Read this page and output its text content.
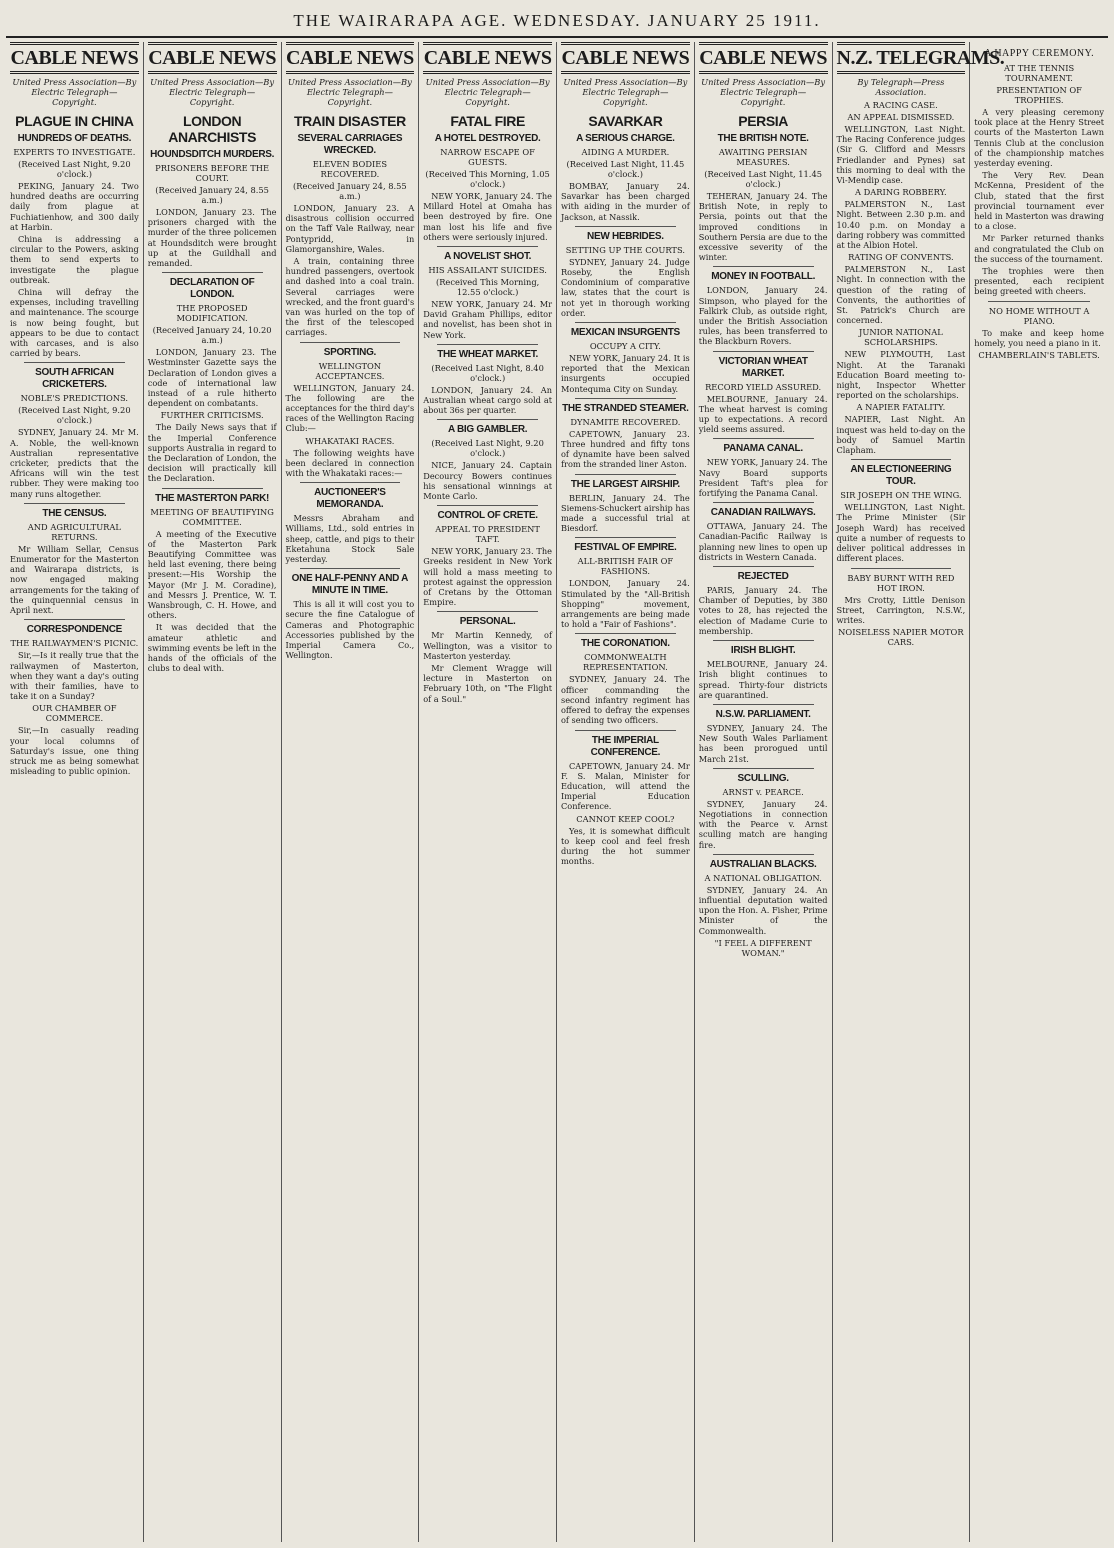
THE WAIRARAPA AGE. WEDNESDAY. JANUARY 25 1911.
CABLE NEWS
United Press Association—By Electric Telegraph—Copyright.
PLAGUE IN CHINA
HUNDREDS OF DEATHS.
EXPERTS TO INVESTIGATE.
(Received Last Night, 9.20 o'clock.)

PEKING, January 24. Two hundred deaths are occurring daily from plague at Fuchiatienhow, and 300 daily at Harbin.

China is addressing a circular to the Powers, asking them to send experts to investigate the plague outbreak.

China will defray the expenses, including travelling and maintenance. The scourge is now being fought, but appears to be due to contact with carcases, and is also carried by bears.

SOUTH AFRICAN CRICKETERS.
NOBLE'S PREDICTIONS.
(Received Last Night, 9.20 o'clock.)

SYDNEY, January 24. Mr M. A. Noble, the well-known Australian representative cricketer, predicts that the Africans will win the test rubber. They were making too many runs altogether.

THE CENSUS.
AND AGRICULTURAL RETURNS.

Mr William Sellar, Census Enumerator for the Masterton and Wairarapa districts, is now engaged making arrangements for the taking of the quinquennial census in April next.

CORRESPONDENCE
THE RAILWAYMEN'S PICNIC.

Sir,—Is it really true that the railwaymen of Masterton, when they want a day's outing with their families, have to take it on a Sunday?

OUR CHAMBER OF COMMERCE.

Sir,—In casually reading your local columns of Saturday's issue, one thing struck me as being somewhat misleading to public opinion.

CABLE NEWS
United Press Association—By Electric Telegraph—Copyright.
LONDON ANARCHISTS
HOUNDSDITCH MURDERS.
PRISONERS BEFORE THE COURT.
(Received January 24, 8.55 a.m.)

LONDON, January 23. The prisoners charged with the murder of the three policemen at Houndsditch were brought up at the Guildhall and remanded.

DECLARATION OF LONDON.
THE PROPOSED MODIFICATION.
(Received January 24, 10.20 a.m.)

LONDON, January 23. The Westminster Gazette says the Declaration of London gives a code of international law instead of a rule hitherto dependent on combatants.

FURTHER CRITICISMS.

The Daily News says that if the Imperial Conference supports Australia in regard to the Declaration of London, the decision will practically kill the Declaration.

THE MASTERTON PARK!
MEETING OF BEAUTIFYING COMMITTEE.

A meeting of the Executive of the Masterton Park Beautifying Committee was held last evening, there being present:—His Worship the Mayor (Mr J. M. Coradine), and Messrs J. Prentice, W. T. Wansbrough, C. H. Howe, and others.

It was decided that the amateur athletic and swimming events be left in the hands of the officials of the clubs to deal with.

CABLE NEWS
United Press Association—By Electric Telegraph—Copyright.
TRAIN DISASTER
SEVERAL CARRIAGES WRECKED.
ELEVEN BODIES RECOVERED.
(Received January 24, 8.55 a.m.)

LONDON, January 23. A disastrous collision occurred on the Taff Vale Railway, near Pontypridd, in Glamorganshire, Wales.

A train, containing three hundred passengers, overtook and dashed into a coal train. Several carriages were wrecked, and the front guard's van was hurled on the top of the first of the telescoped carriages.

SPORTING.
WELLINGTON ACCEPTANCES.

WELLINGTON, January 24. The following are the acceptances for the third day's races of the Wellington Racing Club:—

WHAKATAKI RACES.

The following weights have been declared in connection with the Whakataki races:—

AUCTIONEER'S MEMORANDA.

Messrs Abraham and Williams, Ltd., sold entries in sheep, cattle, and pigs to their Eketahuna Stock Sale yesterday.

ONE HALF-PENNY AND A MINUTE IN TIME.

This is all it will cost you to secure the fine Catalogue of Cameras and Photographic Accessories published by the Imperial Camera Co., Wellington.

CABLE NEWS
United Press Association—By Electric Telegraph—Copyright.
FATAL FIRE
A HOTEL DESTROYED.
NARROW ESCAPE OF GUESTS.
(Received This Morning, 1.05 o'clock.)

NEW YORK, January 24. The Millard Hotel at Omaha has been destroyed by fire. One man lost his life and five others were seriously injured.

A NOVELIST SHOT.
HIS ASSAILANT SUICIDES.
(Received This Morning, 12.55 o'clock.)

NEW YORK, January 24. Mr David Graham Phillips, editor and novelist, has been shot in New York.

THE WHEAT MARKET.
(Received Last Night, 8.40 o'clock.)

LONDON, January 24. An Australian wheat cargo sold at about 36s per quarter.

A BIG GAMBLER.
(Received Last Night, 9.20 o'clock.)

NICE, January 24. Captain Decourcy Bowers continues his sensational winnings at Monte Carlo.

CONTROL OF CRETE.
APPEAL TO PRESIDENT TAFT.

NEW YORK, January 23. The Greeks resident in New York will hold a mass meeting to protest against the oppression of Cretans by the Ottoman Empire.

PERSONAL.

Mr Martin Kennedy, of Wellington, was a visitor to Masterton yesterday.

Mr Clement Wragge will lecture in Masterton on February 10th, on "The Flight of a Soul."

CABLE NEWS
United Press Association—By Electric Telegraph—Copyright.
SAVARKAR
A SERIOUS CHARGE.
AIDING A MURDER.
(Received Last Night, 11.45 o'clock.)

BOMBAY, January 24. Savarkar has been charged with aiding in the murder of Jackson, at Nassik.

NEW HEBRIDES.
SETTING UP THE COURTS.

SYDNEY, January 24. Judge Roseby, the English Condominium of comparative law, states that the court is not yet in thorough working order.

MEXICAN INSURGENTS
OCCUPY A CITY.

NEW YORK, January 24. It is reported that the Mexican insurgents occupied Montequma City on Sunday.

THE STRANDED STEAMER.
DYNAMITE RECOVERED.

CAPETOWN, January 23. Three hundred and fifty tons of dynamite have been salved from the stranded liner Aston.

THE LARGEST AIRSHIP.

BERLIN, January 24. The Siemens-Schuckert airship has made a successful trial at Biesdorf.

FESTIVAL OF EMPIRE.
ALL-BRITISH FAIR OF FASHIONS.

LONDON, January 24. Stimulated by the "All-British Shopping" movement, arrangements are being made to hold a "Fair of Fashions".

THE CORONATION.
COMMONWEALTH REPRESENTATION.

SYDNEY, January 24. The officer commanding the second infantry regiment has offered to defray the expenses of sending two officers.

THE IMPERIAL CONFERENCE.

CAPETOWN, January 24. Mr F. S. Malan, Minister for Education, will attend the Imperial Education Conference.

CANNOT KEEP COOL?

Yes, it is somewhat difficult to keep cool and feel fresh during the hot summer months.

CABLE NEWS
United Press Association—By Electric Telegraph—Copyright.
PERSIA
THE BRITISH NOTE.
AWAITING PERSIAN MEASURES.
(Received Last Night, 11.45 o'clock.)

TEHERAN, January 24. The British Note, in reply to Persia, points out that the improved conditions in Southern Persia are due to the excessive severity of the winter.

MONEY IN FOOTBALL.

LONDON, January 24. Simpson, who played for the Falkirk Club, as outside right, under the British Association rules, has been transferred to the Blackburn Rovers.

VICTORIAN WHEAT MARKET.
RECORD YIELD ASSURED.

MELBOURNE, January 24. The wheat harvest is coming up to expectations. A record yield seems assured.

PANAMA CANAL.

NEW YORK, January 24. The Navy Board supports President Taft's plea for fortifying the Panama Canal.

CANADIAN RAILWAYS.

OTTAWA, January 24. The Canadian-Pacific Railway is planning new lines to open up districts in Western Canada.

REJECTED

PARIS, January 24. The Chamber of Deputies, by 380 votes to 28, has rejected the election of Madame Curie to membership.

IRISH BLIGHT.

MELBOURNE, January 24. Irish blight continues to spread. Thirty-four districts are quarantined.

N.S.W. PARLIAMENT.

SYDNEY, January 24. The New South Wales Parliament has been prorogued until March 21st.

SCULLING.
ARNST v. PEARCE.

SYDNEY, January 24. Negotiations in connection with the Pearce v. Arnst sculling match are hanging fire.

AUSTRALIAN BLACKS.
A NATIONAL OBLIGATION.

SYDNEY, January 24. An influential deputation waited upon the Hon. A. Fisher, Prime Minister of the Commonwealth.

"I FEEL A DIFFERENT WOMAN."
N.Z. TELEGRAMS.
By Telegraph—Press Association.
A RACING CASE.
AN APPEAL DISMISSED.

WELLINGTON, Last Night. The Racing Conference judges (Sir G. Clifford and Messrs Friedlander and Pynes) sat this morning to deal with the Vi-Mendip case.

A DARING ROBBERY.

PALMERSTON N., Last Night. Between 2.30 p.m. and 10.40 p.m. on Monday a daring robbery was committed at the Albion Hotel.

RATING OF CONVENTS.

PALMERSTON N., Last Night. In connection with the question of the rating of Convents, the authorities of St. Patrick's Church are concerned.

JUNIOR NATIONAL SCHOLARSHIPS.

NEW PLYMOUTH, Last Night. At the Taranaki Education Board meeting to-night, Inspector Whetter reported on the scholarships.

A NAPIER FATALITY.

NAPIER, Last Night. An inquest was held to-day on the body of Samuel Martin Clapham.

AN ELECTIONEERING TOUR.
SIR JOSEPH ON THE WING.

WELLINGTON, Last Night. The Prime Minister (Sir Joseph Ward) has received quite a number of requests to deliver political addresses in different places.

BABY BURNT WITH RED HOT IRON.

Mrs Crotty, Little Denison Street, Carrington, N.S.W., writes.

NOISELESS NAPIER MOTOR CARS.
A HAPPY CEREMONY.
AT THE TENNIS TOURNAMENT.
PRESENTATION OF TROPHIES.

A very pleasing ceremony took place at the Henry Street courts of the Masterton Lawn Tennis Club at the conclusion of the championship matches yesterday evening.

The Very Rev. Dean McKenna, President of the Club, stated that the first provincial tournament ever held in Masterton was drawing to a close.

Mr Parker returned thanks and congratulated the Club on the success of the tournament.

The trophies were then presented, each recipient being greeted with cheers.

NO HOME WITHOUT A PIANO.

To make and keep home homely, you need a piano in it.

CHAMBERLAIN'S TABLETS.
